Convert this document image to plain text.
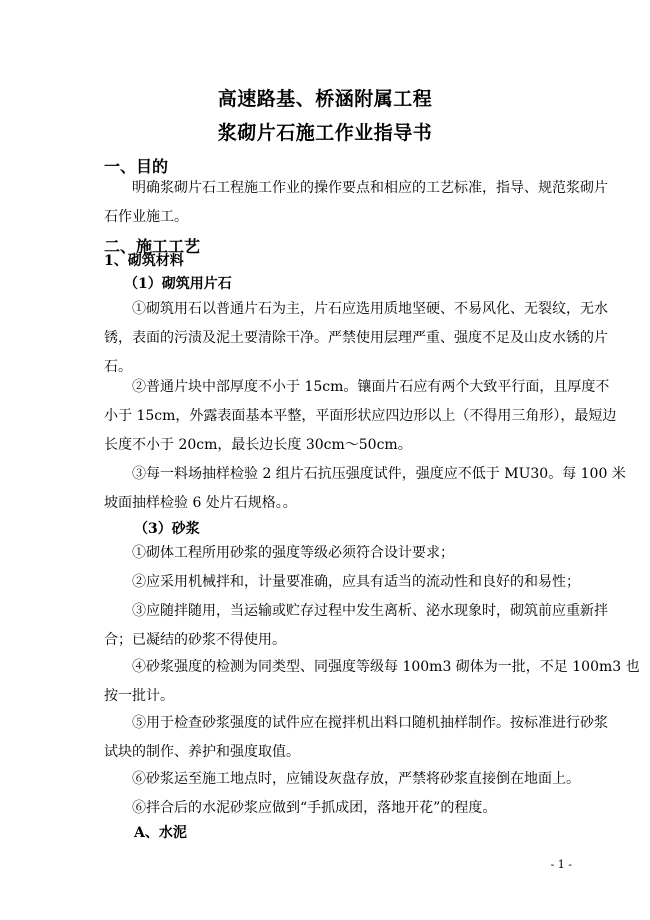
高速路基、桥涵附属工程
浆砌片石施工作业指导书
一、目的

明确浆砌片石工程施工作业的操作要点和相应的工艺标准，指导、规范浆砌片
石作业施工。

二、施工工艺
1、砌筑材料
（1）砌筑用片石

①砌筑用石以普通片石为主，片石应选用质地坚硬、不易风化、无裂纹，无水
锈，表面的污渍及泥土要清除干净。严禁使用层理严重、强度不足及山皮水锈的片
石。

②普通片块中部厚度不小于 15cm。镶面片石应有两个大致平行面，且厚度不
小于 15cm，外露表面基本平整，平面形状应四边形以上（不得用三角形），最短边
长度不小于 20cm，最长边长度 30cm～50cm。

③每一料场抽样检验 2 组片石抗压强度试件，强度应不低于 MU30。每 100 米
坡面抽样检验 6 处片石规格。。

（3）砂浆

①砌体工程所用砂浆的强度等级必须符合设计要求；

②应采用机械拌和，计量要准确，应具有适当的流动性和良好的和易性；

③应随拌随用，当运输或贮存过程中发生离析、泌水现象时，砌筑前应重新拌
合；已凝结的砂浆不得使用。

④砂浆强度的检测为同类型、同强度等级每 100m3 砌体为一批，不足 100m3 也
按一批计。

⑤用于检查砂浆强度的试件应在搅拌机出料口随机抽样制作。按标准进行砂浆
试块的制作、养护和强度取值。

⑥砂浆运至施工地点时，应铺设灰盘存放，严禁将砂浆直接倒在地面上。

⑥拌合后的水泥砂浆应做到“手抓成团，落地开花”的程度。

A、水泥
- 1 -
